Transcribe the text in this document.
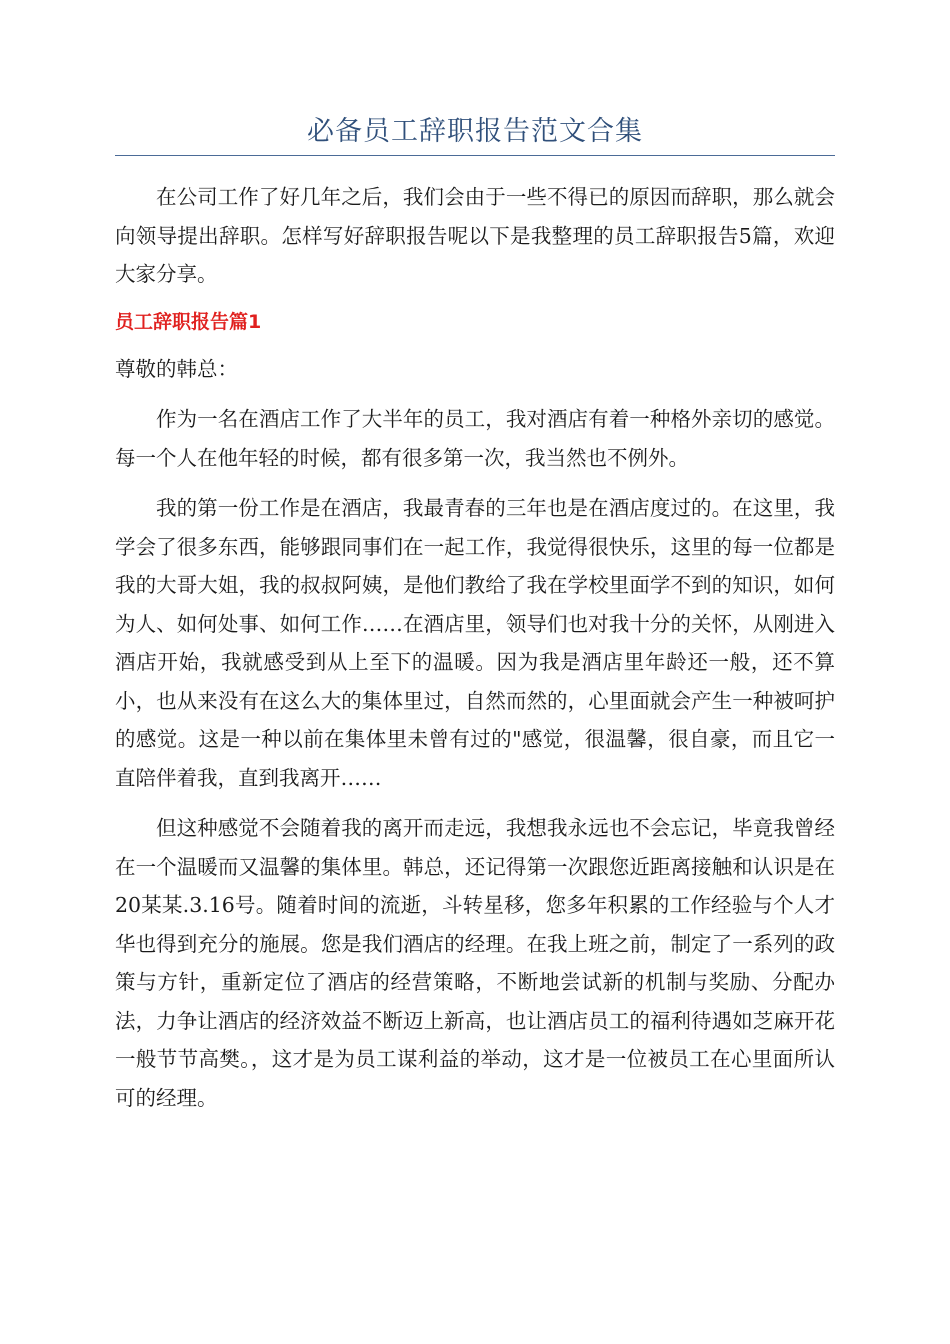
必备员工辞职报告范文合集

在公司工作了好几年之后，我们会由于一些不得已的原因而辞职，那么就会向领导提出辞职。怎样写好辞职报告呢以下是我整理的员工辞职报告5篇，欢迎大家分享。

员工辞职报告篇1

尊敬的韩总：

作为一名在酒店工作了大半年的员工，我对酒店有着一种格外亲切的感觉。每一个人在他年轻的时候，都有很多第一次，我当然也不例外。

我的第一份工作是在酒店，我最青春的三年也是在酒店度过的。在这里，我学会了很多东西，能够跟同事们在一起工作，我觉得很快乐，这里的每一位都是我的大哥大姐，我的叔叔阿姨，是他们教给了我在学校里面学不到的知识，如何为人、如何处事、如何工作……在酒店里，领导们也对我十分的关怀，从刚进入酒店开始，我就感受到从上至下的温暖。因为我是酒店里年龄还一般，还不算小，也从来没有在这么大的集体里过，自然而然的，心里面就会产生一种被呵护的感觉。这是一种以前在集体里未曾有过的"感觉，很温馨，很自豪，而且它一直陪伴着我，直到我离开……

但这种感觉不会随着我的离开而走远，我想我永远也不会忘记，毕竟我曾经在一个温暖而又温馨的集体里。韩总，还记得第一次跟您近距离接触和认识是在20某某.3.16号。随着时间的流逝，斗转星移，您多年积累的工作经验与个人才华也得到充分的施展。您是我们酒店的经理。在我上班之前，制定了一系列的政策与方针，重新定位了酒店的经营策略，不断地尝试新的机制与奖励、分配办法，力争让酒店的经济效益不断迈上新高，也让酒店员工的福利待遇如芝麻开花一般节节高樊。，这才是为员工谋利益的举动，这才是一位被员工在心里面所认可的经理。
